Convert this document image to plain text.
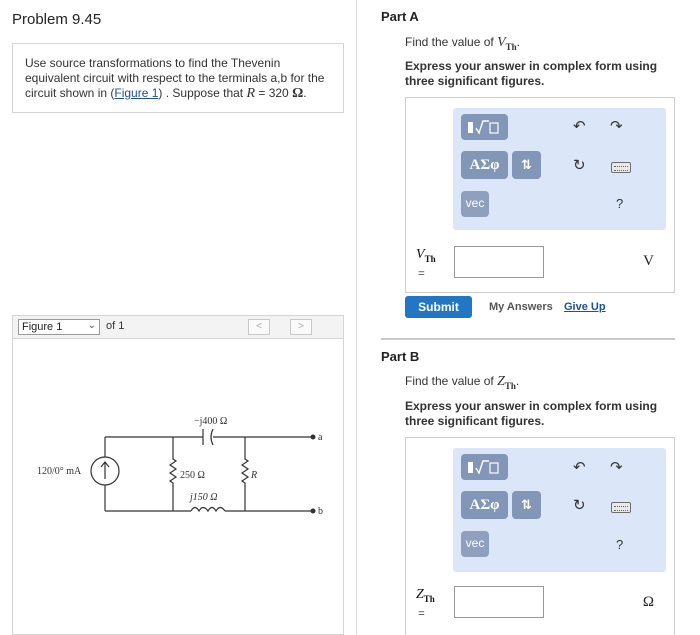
Problem 9.45
Use source transformations to find the Thevenin equivalent circuit with respect to the terminals a,b for the circuit shown in (Figure 1) . Suppose that R = 320 Ω.
Figure 1	⌄ of 1	<	>
−j400 Ω
120/0° mA	250 Ω
j150 Ω
R
a
b
Part A
Find the value of $V_{Th}$.
Express your answer in complex form using three significant figures.
ΑΣφ	⇅
vec
↶ ↷
↻
?
$V_{Th}$
=
V
Submit	My Answers Give Up
Part B
Find the value of $Z_{Th}$.
Express your answer in complex form using three significant figures.
ΑΣφ	⇅
vec
↶ ↷
↻
?
$Z_{Th}$
=
Ω
